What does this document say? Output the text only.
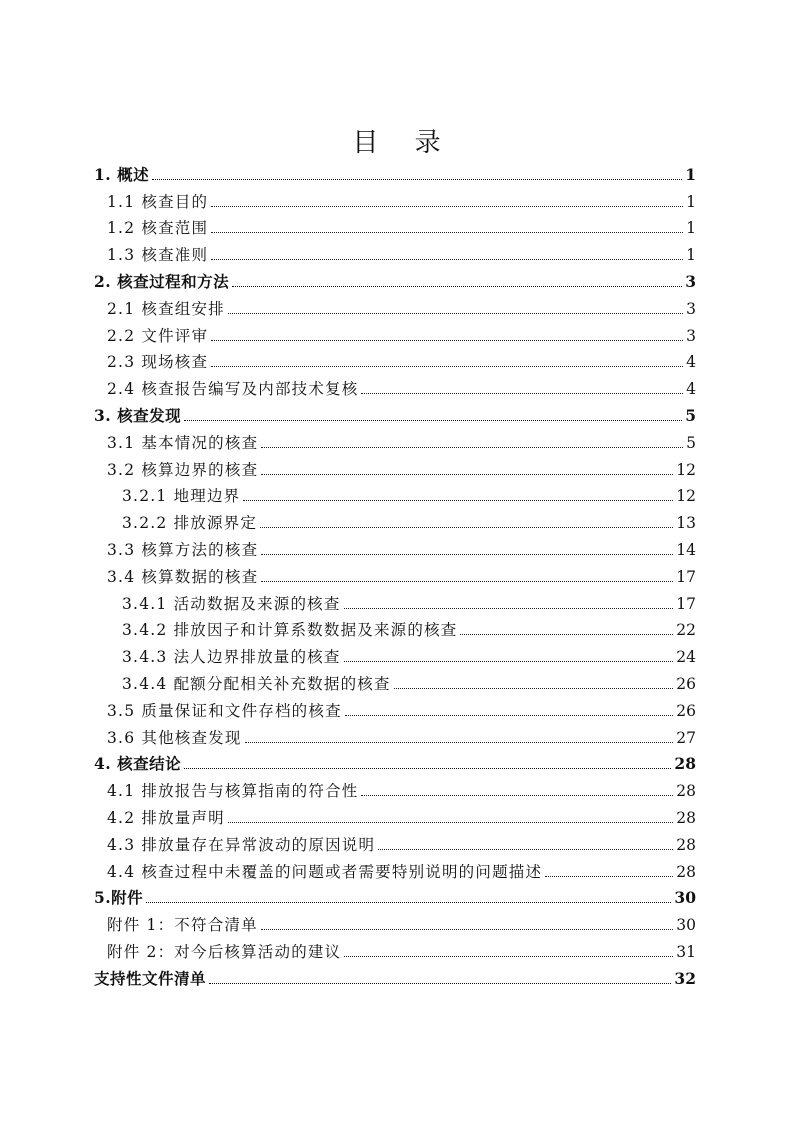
目 录
1. 概述	1
1.1 核查目的	1
1.2 核查范围	1
1.3 核查准则	1
2. 核查过程和方法	3
2.1 核查组安排	3
2.2 文件评审	3
2.3 现场核查	4
2.4 核查报告编写及内部技术复核	4
3. 核查发现	5
3.1 基本情况的核查	5
3.2 核算边界的核查	12
3.2.1 地理边界	12
3.2.2 排放源界定	13
3.3 核算方法的核查	14
3.4 核算数据的核查	17
3.4.1 活动数据及来源的核查	17
3.4.2 排放因子和计算系数数据及来源的核查	22
3.4.3 法人边界排放量的核查	24
3.4.4 配额分配相关补充数据的核查	26
3.5 质量保证和文件存档的核查	26
3.6 其他核查发现	27
4. 核查结论	28
4.1 排放报告与核算指南的符合性	28
4.2 排放量声明	28
4.3 排放量存在异常波动的原因说明	28
4.4 核查过程中未覆盖的问题或者需要特别说明的问题描述	28
5.附件	30
附件 1：不符合清单	30
附件 2：对今后核算活动的建议	31
支持性文件清单	32
